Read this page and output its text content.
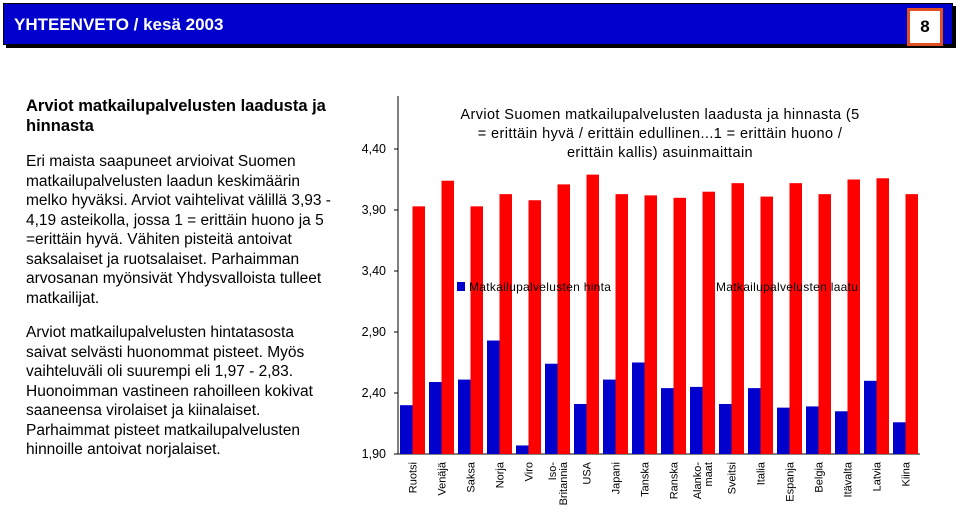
YHTEENVETO / kesä 2003	8
Arviot matkailupalvelusten laadusta ja hinnasta
Eri maista saapuneet arvioivat Suomen matkailupalvelusten laadun keskimäärin melko hyväksi. Arviot vaihtelivat välillä 3,93 - 4,19 asteikolla, jossa 1 = erittäin huono ja 5 =erittäin hyvä. Vähiten pisteitä antoivat saksalaiset ja ruotsalaiset. Parhaimman arvosanan myönsivät Yhdysvalloista tulleet matkailijat.
Arviot matkailupalvelusten hintatasosta saivat selvästi huonommat pisteet. Myös vaihteluväli oli suurempi eli 1,97 - 2,83. Huonoimman vastineen rahoilleen kokivat saaneensa virolaiset ja kiinalaiset. Parhaimmat pisteet matkailupalvelusten hinnoille antoivat norjalaiset.
Arviot Suomen matkailupalvelusten laadusta ja hinnasta (5
= erittäin hyvä / erittäin edullinen...1 = erittäin huono /
erittäin kallis) asuinmaittain
4,40
3,90
3,40
2,90
2,40
1,90
Ruotsi Venäjä Saksa Norja Viro Iso- Britannia USA Japani Tanska Ranska Alanko- maat Sveitsi Italia Espanja Belgia Itävalta Latvia Kiina
Matkailupalvelusten hinta	Matkailupalvelusten laatu
